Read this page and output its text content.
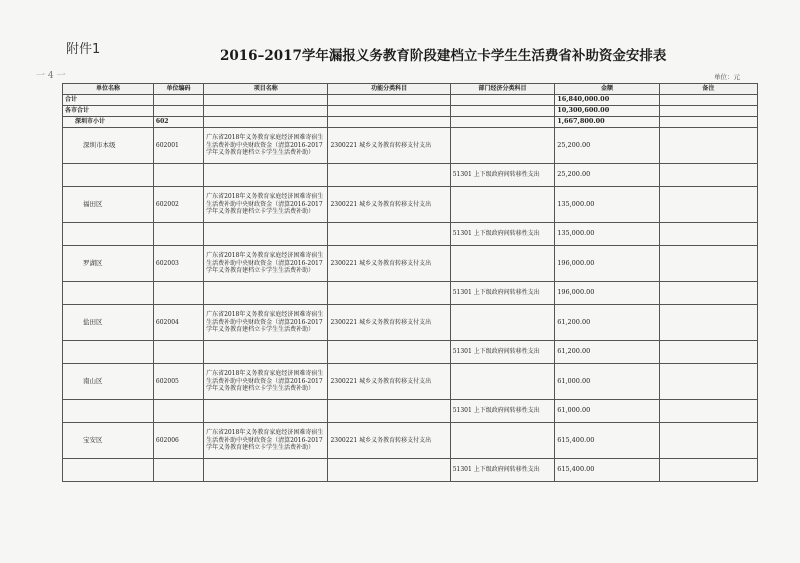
附件1	2016–2017学年漏报义务教育阶段建档立卡学生生活费省补助资金安排表
一 4 一	单位：元
单位名称	单位编码	项目名称	功能分类科目	部门经济分类科目	金额	备注
合计					16,840,000.00	
各市合计					10,300,600.00	
深圳市小计	602				1,667,800.00	
深圳市本级	602001	广东省2018年义务教育家庭经济困难寄宿生生活费补助中央财政资金（清算2016-2017学年义务教育建档立卡学生生活费补助）	2300221 城乡义务教育转移支付支出		25,200.00	
				51301 上下级政府间转移性支出	25,200.00	
福田区	602002	广东省2018年义务教育家庭经济困难寄宿生生活费补助中央财政资金（清算2016-2017学年义务教育建档立卡学生生活费补助）	2300221 城乡义务教育转移支付支出		135,000.00	
				51301 上下级政府间转移性支出	135,000.00	
罗湖区	602003	广东省2018年义务教育家庭经济困难寄宿生生活费补助中央财政资金（清算2016-2017学年义务教育建档立卡学生生活费补助）	2300221 城乡义务教育转移支付支出		196,000.00	
				51301 上下级政府间转移性支出	196,000.00	
盐田区	602004	广东省2018年义务教育家庭经济困难寄宿生生活费补助中央财政资金（清算2016-2017学年义务教育建档立卡学生生活费补助）	2300221 城乡义务教育转移支付支出		61,200.00	
				51301 上下级政府间转移性支出	61,200.00	
南山区	602005	广东省2018年义务教育家庭经济困难寄宿生生活费补助中央财政资金（清算2016-2017学年义务教育建档立卡学生生活费补助）	2300221 城乡义务教育转移支付支出		61,000.00	
				51301 上下级政府间转移性支出	61,000.00	
宝安区	602006	广东省2018年义务教育家庭经济困难寄宿生生活费补助中央财政资金（清算2016-2017学年义务教育建档立卡学生生活费补助）	2300221 城乡义务教育转移支付支出		615,400.00	
				51301 上下级政府间转移性支出	615,400.00	
